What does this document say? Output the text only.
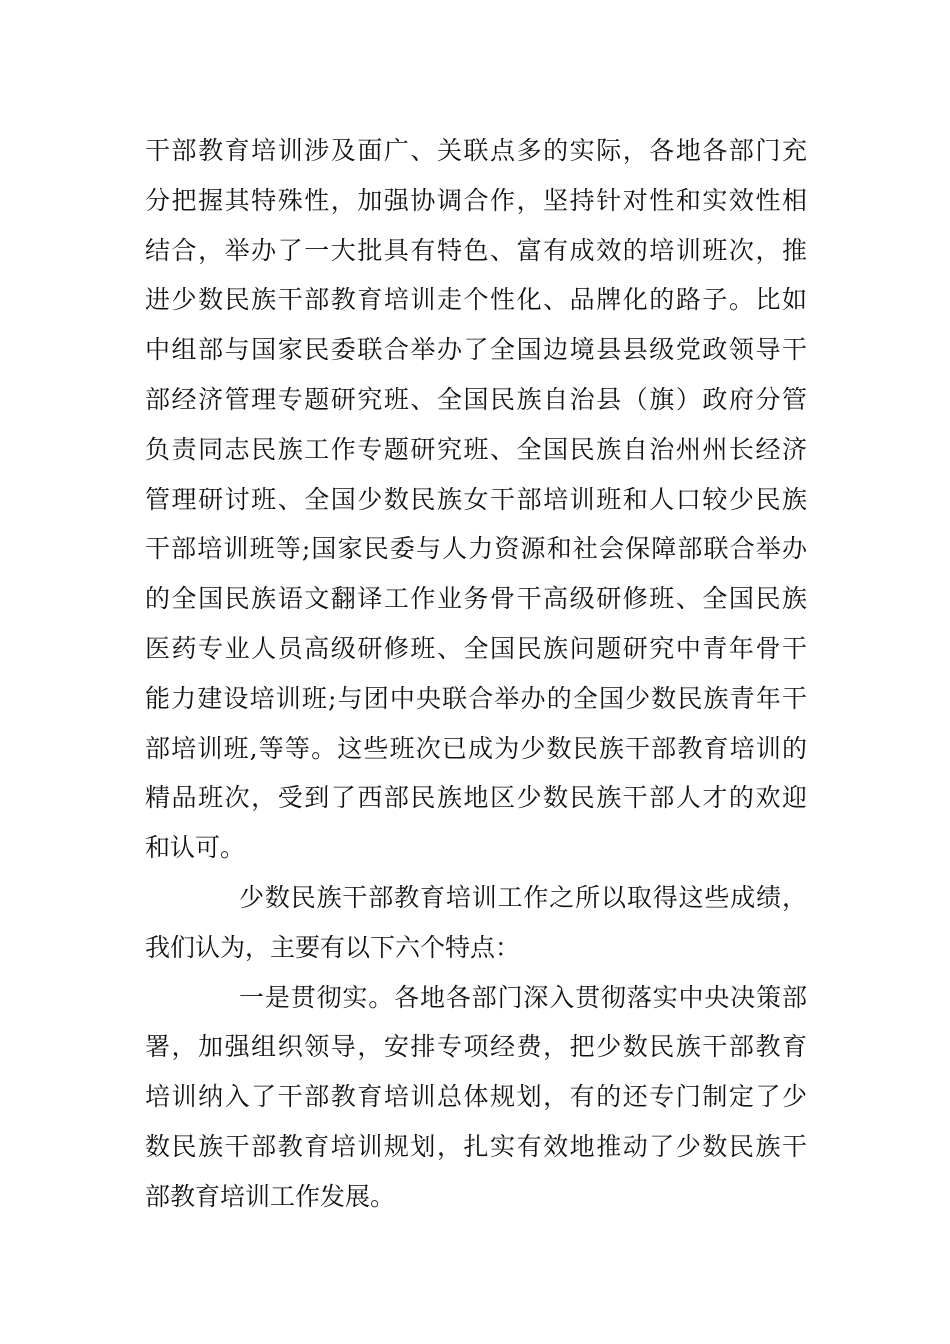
干部教育培训涉及面广、关联点多的实际，各地各部门充
分把握其特殊性，加强协调合作，坚持针对性和实效性相
结合，举办了一大批具有特色、富有成效的培训班次，推
进少数民族干部教育培训走个性化、品牌化的路子。比如
中组部与国家民委联合举办了全国边境县县级党政领导干
部经济管理专题研究班、全国民族自治县（旗）政府分管
负责同志民族工作专题研究班、全国民族自治州州长经济
管理研讨班、全国少数民族女干部培训班和人口较少民族
干部培训班等;国家民委与人力资源和社会保障部联合举办
的全国民族语文翻译工作业务骨干高级研修班、全国民族
医药专业人员高级研修班、全国民族问题研究中青年骨干
能力建设培训班;与团中央联合举办的全国少数民族青年干
部培训班,等等。这些班次已成为少数民族干部教育培训的
精品班次，受到了西部民族地区少数民族干部人才的欢迎
和认可。
少数民族干部教育培训工作之所以取得这些成绩，
我们认为，主要有以下六个特点：
一是贯彻实。各地各部门深入贯彻落实中央决策部
署，加强组织领导，安排专项经费，把少数民族干部教育
培训纳入了干部教育培训总体规划，有的还专门制定了少
数民族干部教育培训规划，扎实有效地推动了少数民族干
部教育培训工作发展。
